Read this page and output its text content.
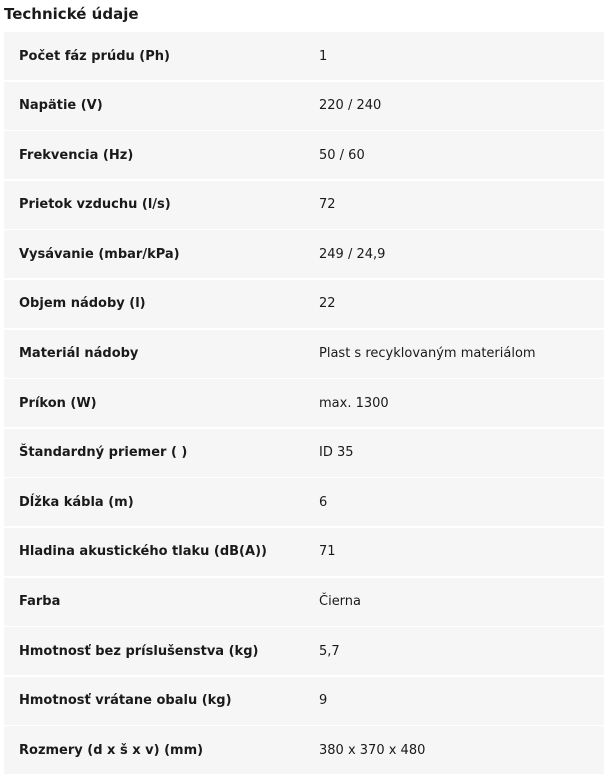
Technické údaje
Počet fáz prúdu (Ph)	1
Napätie (V)	220 / 240
Frekvencia (Hz)	50 / 60
Prietok vzduchu (l/s)	72
Vysávanie (mbar/kPa)	249 / 24,9
Objem nádoby (l)	22
Materiál nádoby	Plast s recyklovaným materiálom
Príkon (W)	max. 1300
Štandardný priemer ( )	ID 35
Dĺžka kábla (m)	6
Hladina akustického tlaku (dB(A))	71
Farba	Čierna
Hmotnosť bez príslušenstva (kg)	5,7
Hmotnosť vrátane obalu (kg)	9
Rozmery (d x š x v) (mm)	380 x 370 x 480
